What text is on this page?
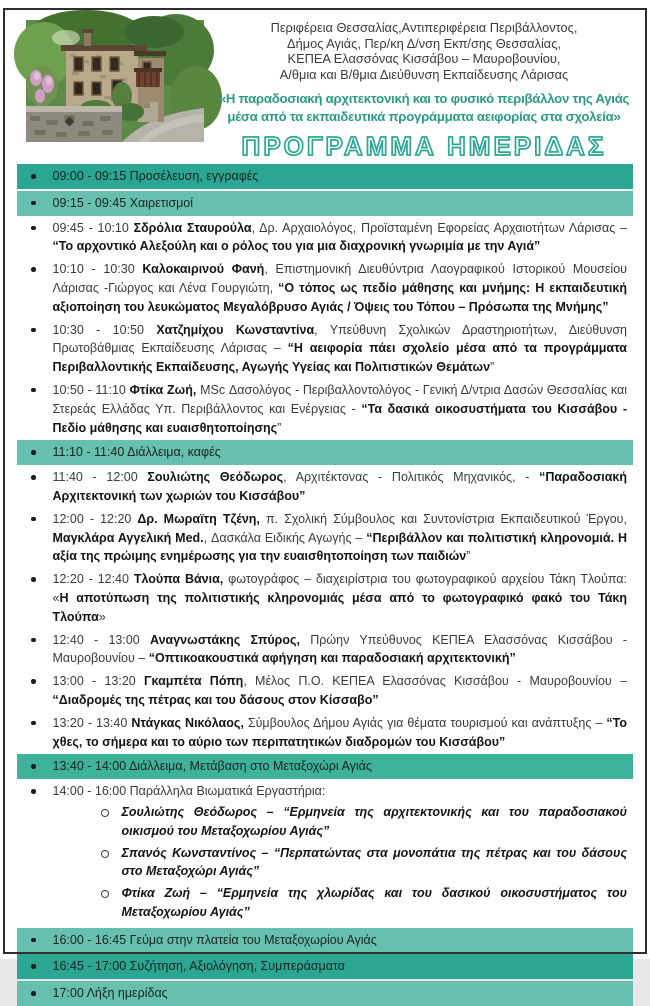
Περιφέρεια Θεσσαλίας,Αντιπεριφέρεια Περιβάλλοντος,
Δήμος Αγιάς, Περ/κη Δ/νση Εκπ/σης Θεσσαλίας,
ΚΕΠΕΑ Ελασσόνας Κισσάβου – Μαυροβουνίου,
Α/θμια και Β/θμια Διεύθυνση Εκπαίδευσης Λάρισας
«Η παραδοσιακή αρχιτεκτονική και το φυσικό περιβάλλον της Αγιάς μέσα από τα εκπαιδευτικά προγράμματα αειφορίας στα σχολεία»
ΠΡΟΓΡΑΜΜΑ ΗΜΕΡΙΔΑΣ
09:00 - 09:15 Προσέλευση, εγγραφές
09:15 - 09:45 Χαιρετισμοί
09:45 - 10:10 Σδρόλια Σταυρούλα, Δρ. Αρχαιολόγος, Προϊσταμένη Εφορείας Αρχαιοτήτων Λάρισας – “Το αρχοντικό Αλεξούλη και ο ρόλος του για μια διαχρονική γνωριμία με την Αγιά”
10:10 - 10:30 Καλοκαιρινού Φανή, Επιστημονική Διευθύντρια Λαογραφικού Ιστορικού Μουσείου Λάρισας -Γιώργος και Λένα Γουργιώτη, “Ο τόπος ως πεδίο μάθησης και μνήμης: Η εκπαιδευτική αξιοποίηση του λευκώματος Μεγαλόβρυσο Αγιάς / Όψεις του Τόπου – Πρόσωπα της Μνήμης”
10:30 - 10:50 Χατζημίχου Κωνσταντίνα, Υπεύθυνη Σχολικών Δραστηριοτήτων, Διεύθυνση Πρωτοβάθμιας Εκπαίδευσης Λάρισας – “Η αειφορία πάει σχολείο μέσα από τα προγράμματα Περιβαλλοντικής Εκπαίδευσης, Αγωγής Υγείας και Πολιτιστικών Θεμάτων”
10:50 - 11:10 Φτίκα Ζωή, MSc Δασολόγος - Περιβαλλοντολόγος - Γενική Δ/ντρια Δασών Θεσσαλίας και Στερεάς Ελλάδας Υπ. Περιβάλλοντος και Ενέργειας - “Τα δασικά οικοσυστήματα του Κισσάβου - Πεδίο μάθησης και ευαισθητοποίησης”
11:10 - 11:40 Διάλλειμα, καφές
11:40 - 12:00 Σουλιώτης Θεόδωρος, Αρχιτέκτονας - Πολιτικός Μηχανικός, - “Παραδοσιακή Αρχιτεκτονική των χωριών του Κισσάβου”
12:00 - 12:20 Δρ. Μωραϊτη Τζένη, π. Σχολική Σύμβουλος και Συντονίστρια Εκπαιδευτικού Έργου, Μαγκλάρα Αγγελική Med., Δασκάλα Ειδικής Αγωγής – “Περιβάλλον και πολιτιστική κληρονομιά. Η αξία της πρώιμης ενημέρωσης για την ευαισθητοποίηση των παιδιών”
12:20 - 12:40 Τλούπα Βάνια, φωτογράφος – διαχειρίστρια του φωτογραφικού αρχείου Τάκη Τλούπα: «Η αποτύπωση της πολιτιστικής κληρονομιάς μέσα από το φωτογραφικό φακό του Τάκη Τλούπα»
12:40 - 13:00 Αναγνωστάκης Σπύρος, Πρώην Υπεύθυνος ΚΕΠΕΑ Ελασσόνας Κισσάβου - Μαυροβουνίου – “Οπτικοακουστικά αφήγηση και παραδοσιακή αρχιτεκτονική”
13:00 - 13:20 Γκαμπέτα Πόπη, Μέλος Π.Ο. ΚΕΠΕΑ Ελασσόνας Κισσάβου - Μαυροβουνίου – “Διαδρομές της πέτρας και του δάσους στον Κίσσαβο”
13:20 - 13:40 Ντάγκας Νικόλαος, Σύμβουλος Δήμου Αγιάς για θέματα τουρισμού και ανάπτυξης – “Το χθες, το σήμερα και το αύριο των περιπατητικών διαδρομών του Κισσάβου”
13:40 - 14:00 Διάλλειμα, Μετάβαση στο Μεταξοχώρι Αγιάς
14:00 - 16:00 Παράλληλα Βιωματικά Εργαστήρια:
Σουλιώτης Θεόδωρος – “Ερμηνεία της αρχιτεκτονικής και του παραδοσιακού οικισμού του Μεταξοχωρίου Αγιάς”
Σπανός Κωνσταντίνος – “Περπατώντας στα μονοπάτια της πέτρας και του δάσους στο Μεταξοχώρι Αγιάς”
Φτίκα Ζωή – “Ερμηνεία της χλωρίδας και του δασικού οικοσυστήματος του Μεταξοχωρίου Αγιάς”
16:00 - 16:45 Γεύμα στην πλατεία του Μεταξοχωρίου Αγιάς
16:45 - 17:00 Συζήτηση, Αξιολόγηση, Συμπεράσματα
17:00 Λήξη ημερίδας
